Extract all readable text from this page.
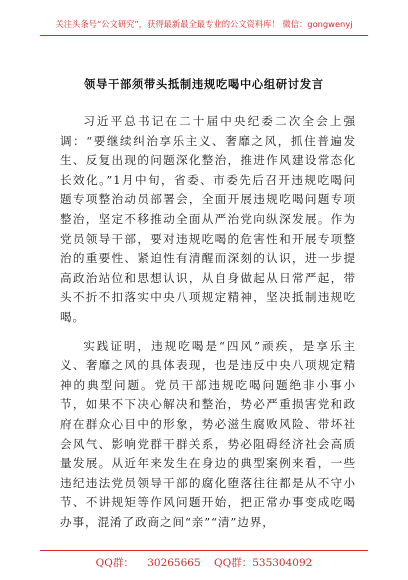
关注头条号“公文研究”，获得最新最全最专业的公文资料库！ 微信：gongwenyj
领导干部须带头抵制违规吃喝中心组研讨发言

习近平总书记在二十届中央纪委二次全会上强调：“要继续纠治享乐主义、奢靡之风，抓住普遍发生、反复出现的问题深化整治，推进作风建设常态化长效化。”1月中旬，省委、市委先后召开违规吃喝问题专项整治动员部署会，全面开展违规吃喝问题专项整治，坚定不移推动全面从严治党向纵深发展。作为党员领导干部，要对违规吃喝的危害性和开展专项整治的重要性、紧迫性有清醒而深刻的认识，进一步提高政治站位和思想认识，从自身做起从日常严起，带头不折不扣落实中央八项规定精神，坚决抵制违规吃喝。

实践证明，违规吃喝是“四风”顽疾，是享乐主义、奢靡之风的具体表现，也是违反中央八项规定精神的典型问题。党员干部违规吃喝问题绝非小事小节，如果不下决心解决和整治，势必严重损害党和政府在群众心目中的形象，势必滋生腐败风险、带坏社会风气、影响党群干群关系，势必阻碍经济社会高质量发展。从近年来发生在身边的典型案例来看，一些违纪违法党员领导干部的腐化堕落往往都是从不守小节、不讲规矩等作风问题开始，把正常办事变成吃喝办事，混淆了政商之间“亲”“清”边界，

QQ群： 30265665 QQ群：535304092
